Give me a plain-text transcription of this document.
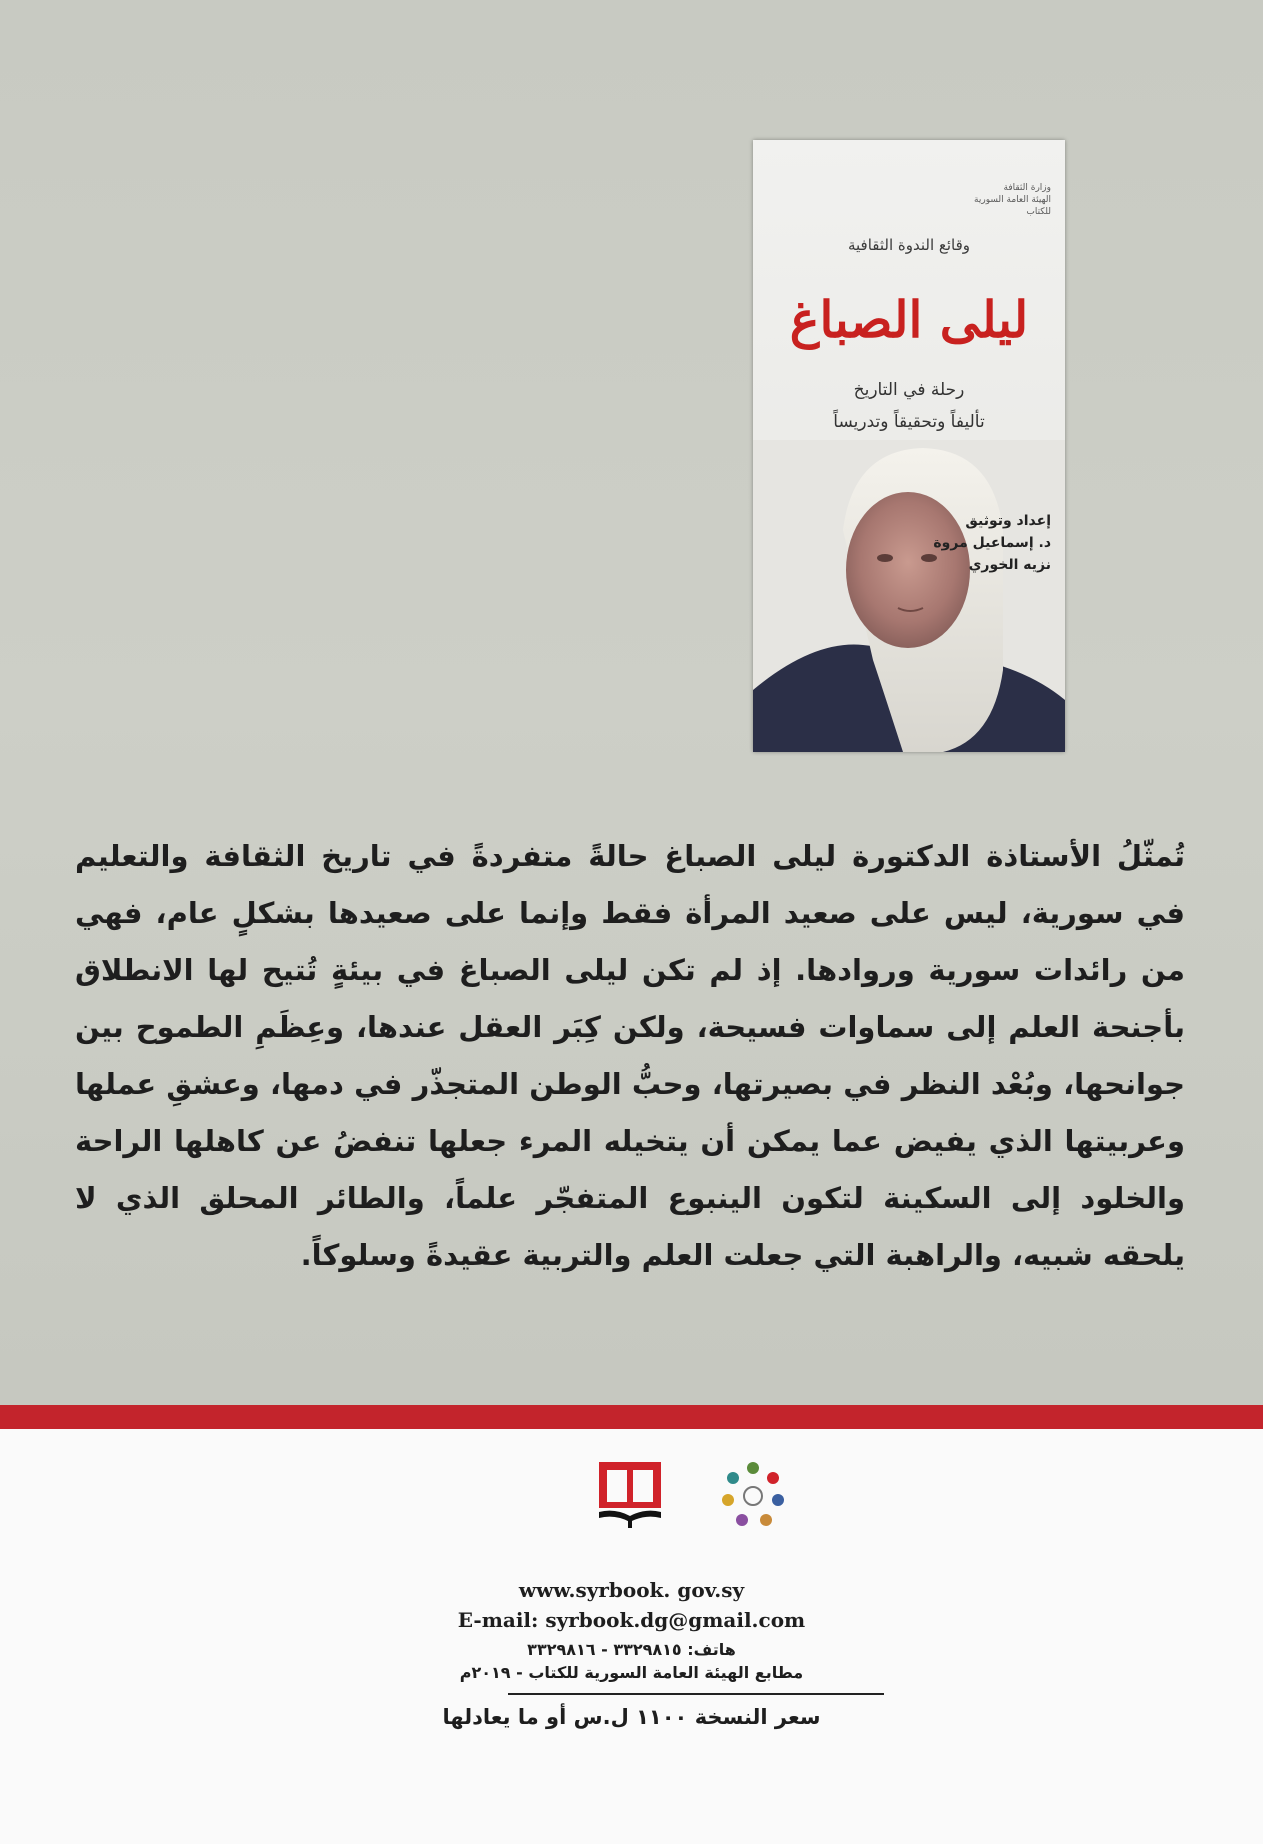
وزارة الثقافة
الهيئة العامة السورية للكتاب
وقائع الندوة الثقافية
ليلى الصباغ
رحلة في التاريخ
تأليفاً وتحقيقاً وتدريساً
إعداد وتوثيق
د. إسماعيل مروة
نزيه الخوري
تُمثّلُ الأستاذة الدكتورة ليلى الصباغ حالةً متفردةً في تاريخ الثقافة والتعليم في سورية، ليس على صعيد المرأة فقط وإنما على صعيدها بشكلٍ عام، فهي من رائدات سورية وروادها. إذ لم تكن ليلى الصباغ في بيئةٍ تُتيح لها الانطلاق بأجنحة العلم إلى سماوات فسيحة، ولكن كِبَر العقل عندها، وعِظَمِ الطموح بين جوانحها، وبُعْد النظر في بصيرتها، وحبُّ الوطن المتجذّر في دمها، وعشقِ عملها وعربيتها الذي يفيض عما يمكن أن يتخيله المرء جعلها تنفضُ عن كاهلها الراحة والخلود إلى السكينة لتكون الينبوع المتفجّر علماً، والطائر المحلق الذي لا يلحقه شبيه، والراهبة التي جعلت العلم والتربية عقيدةً وسلوكاً.
www.syrbook. gov.sy
E-mail: syrbook.dg@gmail.com
هاتف: ٣٣٢٩٨١٥ - ٣٣٢٩٨١٦
مطابع الهيئة العامة السورية للكتاب - ٢٠١٩م
سعر النسخة ١١٠٠ ل.س أو ما يعادلها
